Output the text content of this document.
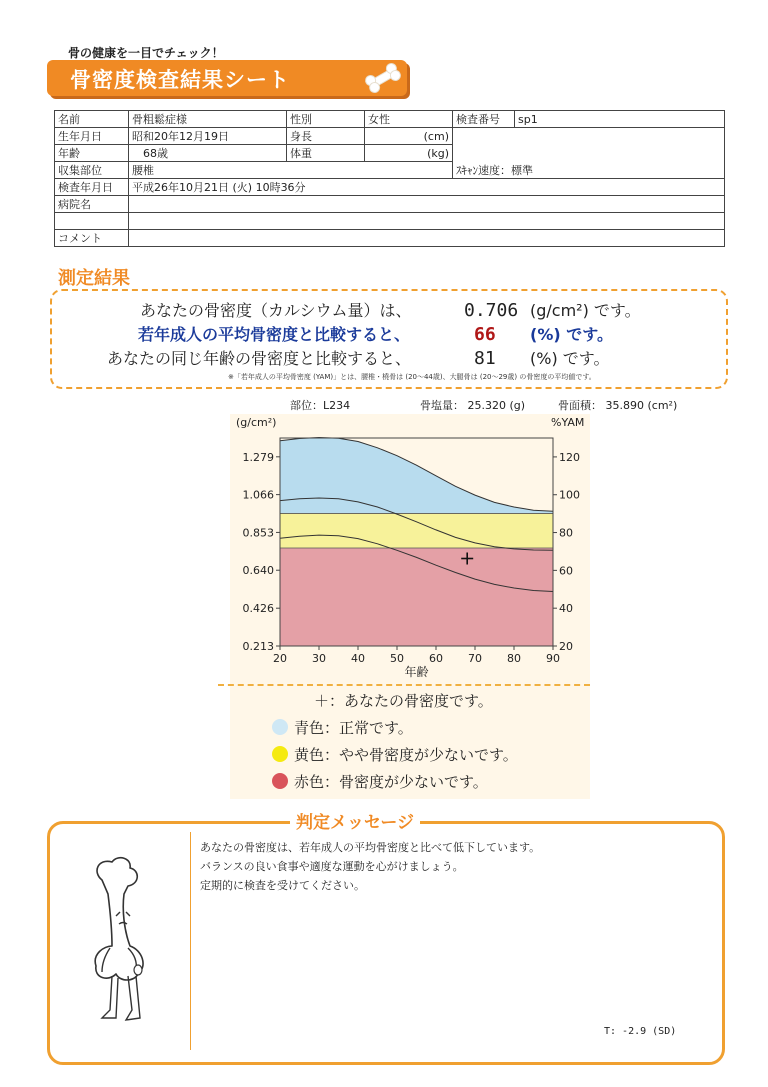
骨の健康を一目でチェック！
骨密度検査結果シート
名前	骨粗鬆症様	性別	女性	検査番号	sp1
生年月日	昭和20年12月19日	身長	(cm)	ｽｷｬﾝ速度：標準	
年齢	68歳	体重	(kg)		
収集部位	腰椎				
検査年月日	平成26年10月21日 (火) 10時36分				
病院名					

コメント					
測定結果
あなたの骨密度（カルシウム量）は、	0.706 (g/cm²) です。
若年成人の平均骨密度と比較すると、	66 (%) です。
あなたの同じ年齢の骨密度と比較すると、	81 (%) です。
※「若年成人の平均骨密度 (YAM)」とは、腰椎・橈骨は (20〜44歳)、大腿骨は (20〜29歳) の骨密度の平均値です。
部位：L234	骨塩量： 25.320 (g)	骨面積： 35.890 (cm²)
1.279
1.066
0.853
0.640
0.426
0.213
120
100
80
60
40
20
20 30 40 50 60 70 80 90
(g/cm²)	%YAM
年齢
＋：あなたの骨密度です。
青色：正常です。
黄色：やや骨密度が少ないです。
赤色：骨密度が少ないです。
判定メッセージ
あなたの骨密度は、若年成人の平均骨密度と比べて低下しています。
バランスの良い食事や適度な運動を心がけましょう。
定期的に検査を受けてください。
T: -2.9 (SD)
